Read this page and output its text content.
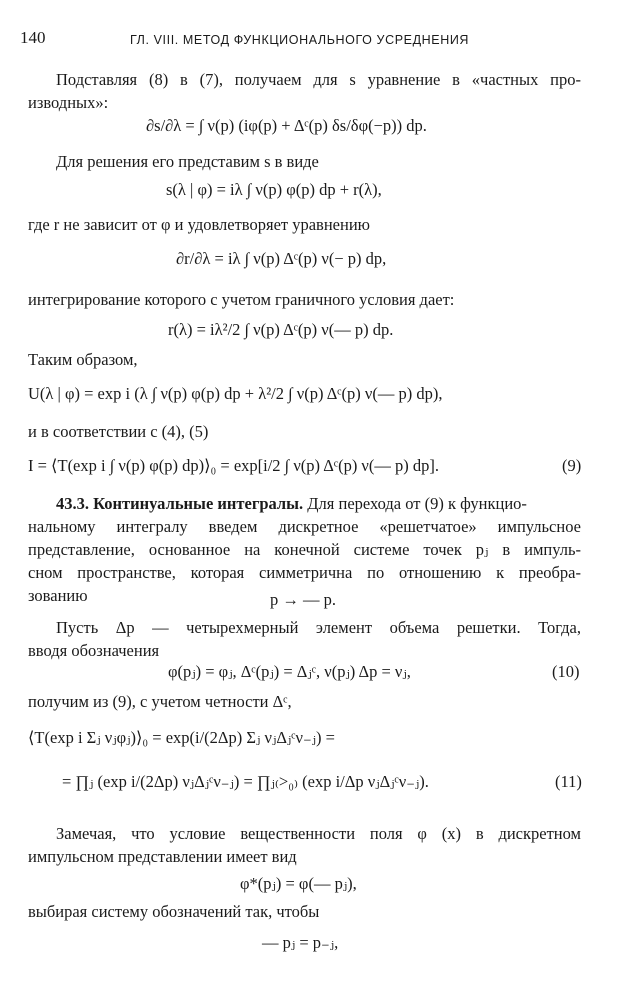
140	ГЛ. VIII. МЕТОД ФУНКЦИОНАЛЬНОГО УСРЕДНЕНИЯ
Подставляя (8) в (7), получаем для s уравнение в «частных про-
изводных»:
∂s/∂λ = ∫ ν(p) (iφ(p) + Δᶜ(p) δs/δφ(−p)) dp.
Для решения его представим s в виде
s(λ | φ) = iλ ∫ ν(p) φ(p) dp + r(λ),
где r не зависит от φ и удовлетворяет уравнению
∂r/∂λ = iλ ∫ ν(p) Δᶜ(p) ν(− p) dp,
интегрирование которого с учетом граничного условия дает:
r(λ) = iλ²/2 ∫ ν(p) Δᶜ(p) ν(— p) dp.
Таким образом,
U(λ | φ) = exp i (λ ∫ ν(p) φ(p) dp + λ²/2 ∫ ν(p) Δᶜ(p) ν(— p) dp),
и в соответствии с (4), (5)
I = ⟨T(exp i ∫ ν(p) φ(p) dp)⟩₀ = exp[i/2 ∫ ν(p) Δᶜ(p) ν(— p) dp].	(9)
43.3. Континуальные интегралы. Для перехода от (9) к функцио-
нальному интегралу введем дискретное «решетчатое» импульсное
представление, основанное на конечной системе точек pⱼ в импуль-
сном пространстве, которая симметрична по отношению к преобра-
зованию	p → — p.
Пусть Δp — четырехмерный элемент объема решетки. Тогда,
вводя обозначения
φ(pⱼ) = φⱼ, Δᶜ(pⱼ) = Δⱼᶜ, ν(pⱼ) Δp = νⱼ,	(10)
получим из (9), с учетом четности Δᶜ,
⟨T(exp i Σⱼ νⱼφⱼ)⟩₀ = exp(i/(2Δp) Σⱼ νⱼΔⱼᶜν₋ⱼ) =
= ∏ⱼ (exp i/(2Δp) νⱼΔⱼᶜν₋ⱼ) = ∏ⱼ₍>₀₎ (exp i/Δp νⱼΔⱼᶜν₋ⱼ).	(11)
Замечая, что условие вещественности поля φ (x) в дискретном
импульсном представлении имеет вид
φ*(pⱼ) = φ(— pⱼ),
выбирая систему обозначений так, чтобы
— pⱼ = p₋ⱼ,
